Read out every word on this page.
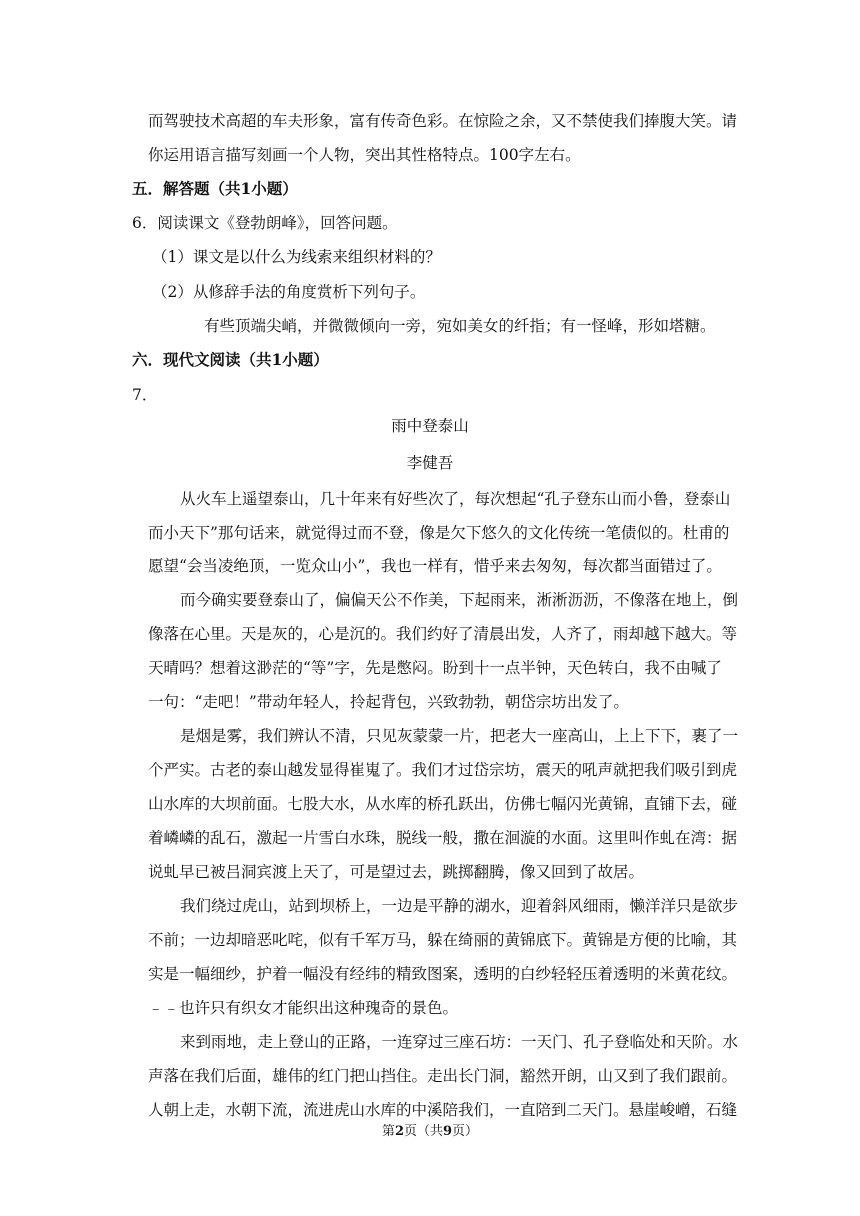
而驾驶技术高超的车夫形象，富有传奇色彩。在惊险之余，又不禁使我们捧腹大笑。请
你运用语言描写刻画一个人物，突出其性格特点。100字左右。
五．解答题（共1小题）
6．阅读课文《登勃朗峰》，回答问题。
（1）课文是以什么为线索来组织材料的？
（2）从修辞手法的角度赏析下列句子。
有些顶端尖峭，并微微倾向一旁，宛如美女的纤指；有一怪峰，形如塔糖。
六．现代文阅读（共1小题）
7．
雨中登泰山
李健吾
从火车上遥望泰山，几十年来有好些次了，每次想起“孔子登东山而小鲁，登泰山
而小天下”那句话来，就觉得过而不登，像是欠下悠久的文化传统一笔债似的。杜甫的
愿望“会当凌绝顶，一览众山小”，我也一样有，惜乎来去匆匆，每次都当面错过了。
而今确实要登泰山了，偏偏天公不作美，下起雨来，淅淅沥沥，不像落在地上，倒
像落在心里。天是灰的，心是沉的。我们约好了清晨出发，人齐了，雨却越下越大。等
天晴吗？想着这渺茫的“等”字，先是憋闷。盼到十一点半钟，天色转白，我不由喊了
一句：“走吧！”带动年轻人，拎起背包，兴致勃勃，朝岱宗坊出发了。
是烟是雾，我们辨认不清，只见灰蒙蒙一片，把老大一座高山，上上下下，裹了一
个严实。古老的泰山越发显得崔嵬了。我们才过岱宗坊，震天的吼声就把我们吸引到虎
山水库的大坝前面。七股大水，从水库的桥孔跃出，仿佛七幅闪光黄锦，直铺下去，碰
着嶙嶙的乱石，激起一片雪白水珠，脱线一般，撒在洄漩的水面。这里叫作虬在湾：据
说虬早已被吕洞宾渡上天了，可是望过去，跳掷翻腾，像又回到了故居。
我们绕过虎山，站到坝桥上，一边是平静的湖水，迎着斜风细雨，懒洋洋只是欲步
不前；一边却暗恶叱咤，似有千军万马，躲在绮丽的黄锦底下。黄锦是方便的比喻，其
实是一幅细纱，护着一幅没有经纬的精致图案，透明的白纱轻轻压着透明的米黄花纹。
﹣﹣也许只有织女才能织出这种瑰奇的景色。
来到雨地，走上登山的正路，一连穿过三座石坊：一天门、孔子登临处和天阶。水
声落在我们后面，雄伟的红门把山挡住。走出长门洞，豁然开朗，山又到了我们跟前。
人朝上走，水朝下流，流进虎山水库的中溪陪我们，一直陪到二天门。悬崖峻嶒，石缝
第2页（共9页）
